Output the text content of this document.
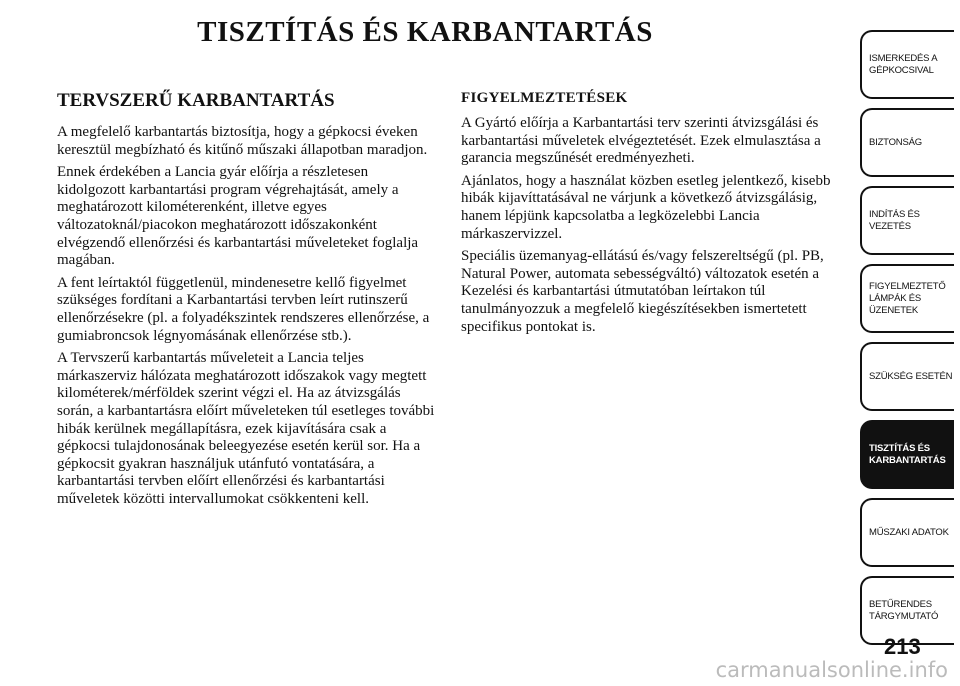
TISZTÍTÁS ÉS KARBANTARTÁS
TERVSZERŰ KARBANTARTÁS

A megfelelő karbantartás biztosítja, hogy a gépkocsi éveken keresztül megbízható és kitűnő műszaki állapotban maradjon.

Ennek érdekében a Lancia gyár előírja a részletesen kidolgozott karbantartási program végrehajtását, amely a meghatározott kilométerenként, illetve egyes változatoknál/piacokon meghatározott időszakonként elvégzendő ellenőrzési és karbantartási műveleteket foglalja magában.

A fent leírtaktól függetlenül, mindenesetre kellő figyelmet szükséges fordítani a Karbantartási tervben leírt rutinszerű ellenőrzésekre (pl. a folyadékszintek rendszeres ellenőrzése, a gumiabroncsok légnyomásának ellenőrzése stb.).

A Tervszerű karbantartás műveleteit a Lancia teljes márkaszerviz hálózata meghatározott időszakok vagy megtett kilométerek/mérföldek szerint végzi el. Ha az átvizsgálás során, a karbantartásra előírt műveleteken túl esetleges további hibák kerülnek megállapításra, ezek kijavítására csak a gépkocsi tulajdonosának beleegyezése esetén kerül sor. Ha a gépkocsit gyakran használjuk utánfutó vontatására, a karbantartási tervben előírt ellenőrzési és karbantartási műveletek közötti intervallumokat csökkenteni kell.

FIGYELMEZTETÉSEK

A Gyártó előírja a Karbantartási terv szerinti átvizsgálási és karbantartási műveletek elvégeztetését. Ezek elmulasztása a garancia megszűnését eredményezheti.

Ajánlatos, hogy a használat közben esetleg jelentkező, kisebb hibák kijavíttatásával ne várjunk a következő átvizsgálásig, hanem lépjünk kapcsolatba a legközelebbi Lancia márkaszervizzel.

Speciális üzemanyag-ellátású és/vagy felszereltségű (pl. PB, Natural Power, automata sebességváltó) változatok esetén a Kezelési és karbantartási útmutatóban leírtakon túl tanulmányozzuk a megfelelő kiegészítésekben ismertetett specifikus pontokat is.

ISMERKEDÉS A
GÉPKOCSIVAL
BIZTONSÁG
INDÍTÁS ÉS
VEZETÉS
FIGYELMEZTETŐ
LÁMPÁK ÉS
ÜZENETEK
SZÜKSÉG ESETÉN
TISZTÍTÁS ÉS
KARBANTARTÁS
MŰSZAKI ADATOK
BETŰRENDES
TÁRGYMUTATÓ
213
carmanualsonline.info
